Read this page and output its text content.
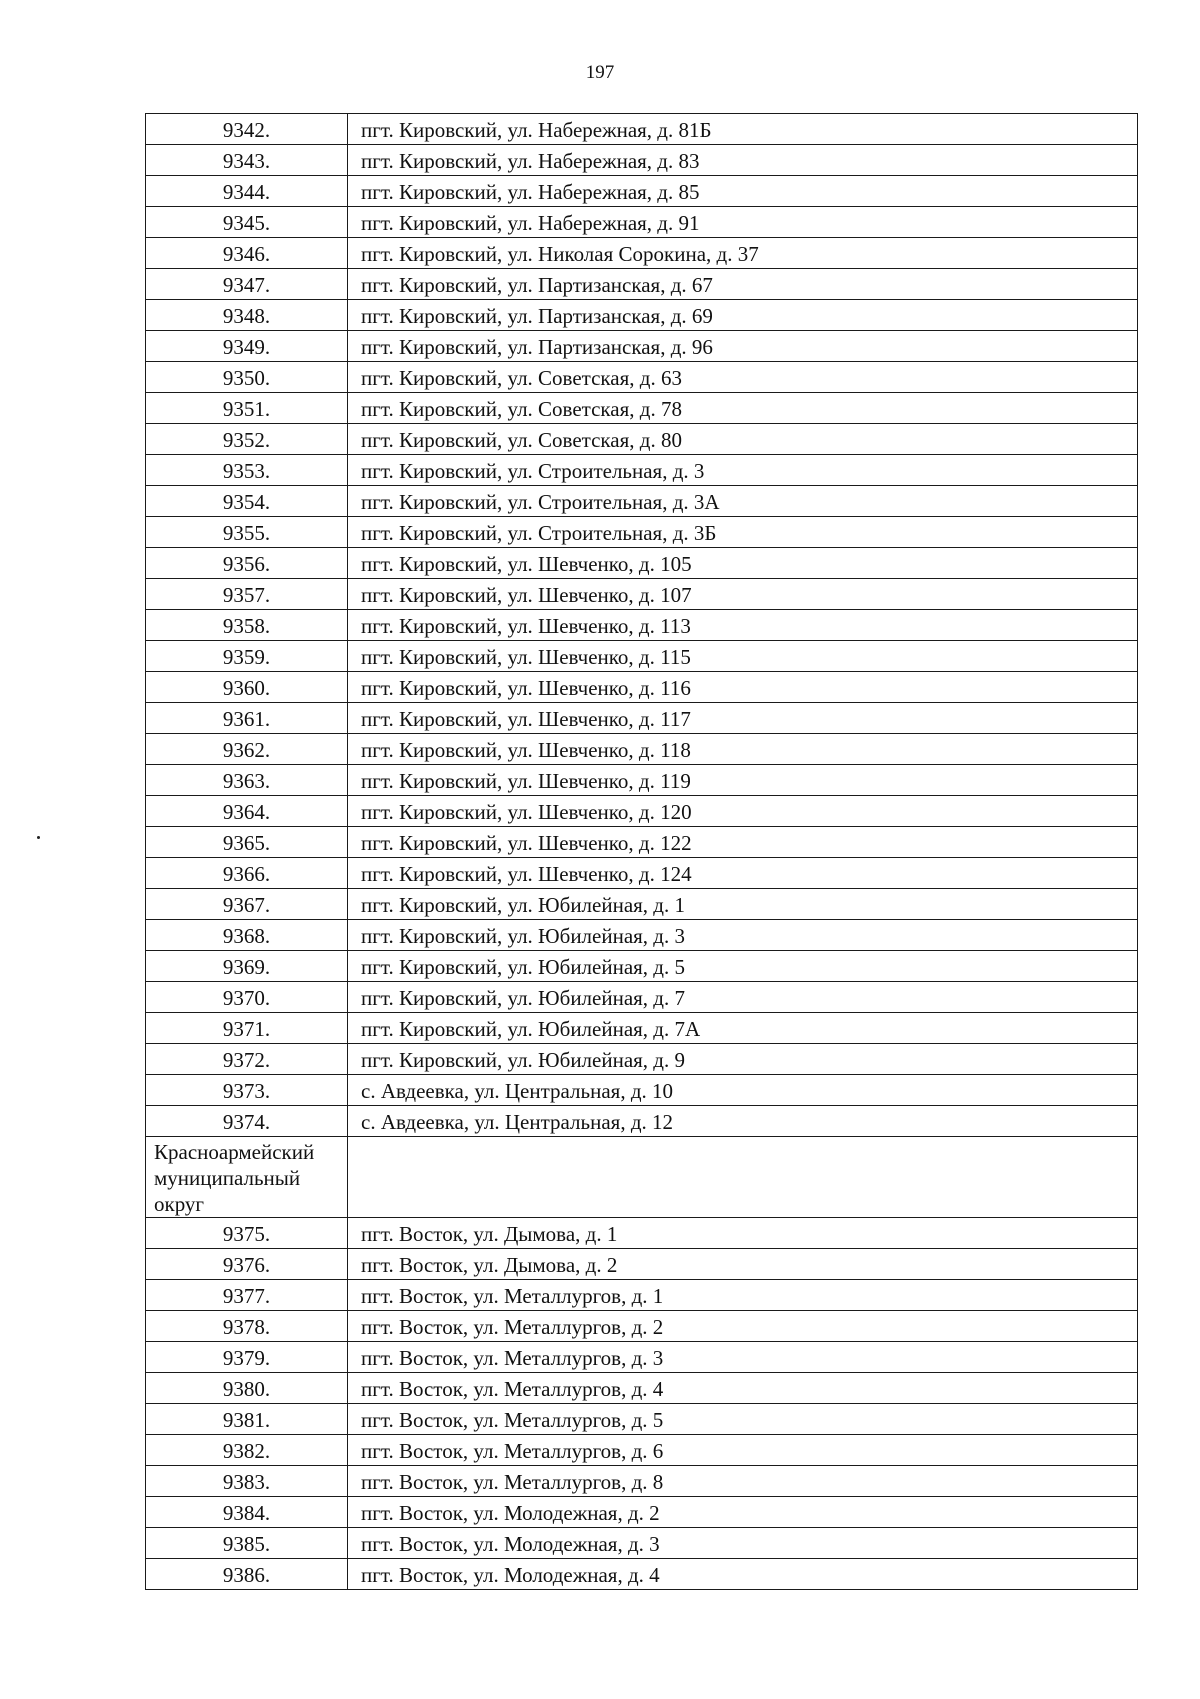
197
9342.	пгт. Кировский, ул. Набережная, д. 81Б
9343.	пгт. Кировский, ул. Набережная, д. 83
9344.	пгт. Кировский, ул. Набережная, д. 85
9345.	пгт. Кировский, ул. Набережная, д. 91
9346.	пгт. Кировский, ул. Николая Сорокина, д. 37
9347.	пгт. Кировский, ул. Партизанская, д. 67
9348.	пгт. Кировский, ул. Партизанская, д. 69
9349.	пгт. Кировский, ул. Партизанская, д. 96
9350.	пгт. Кировский, ул. Советская, д. 63
9351.	пгт. Кировский, ул. Советская, д. 78
9352.	пгт. Кировский, ул. Советская, д. 80
9353.	пгт. Кировский, ул. Строительная, д. 3
9354.	пгт. Кировский, ул. Строительная, д. 3А
9355.	пгт. Кировский, ул. Строительная, д. 3Б
9356.	пгт. Кировский, ул. Шевченко, д. 105
9357.	пгт. Кировский, ул. Шевченко, д. 107
9358.	пгт. Кировский, ул. Шевченко, д. 113
9359.	пгт. Кировский, ул. Шевченко, д. 115
9360.	пгт. Кировский, ул. Шевченко, д. 116
9361.	пгт. Кировский, ул. Шевченко, д. 117
9362.	пгт. Кировский, ул. Шевченко, д. 118
9363.	пгт. Кировский, ул. Шевченко, д. 119
9364.	пгт. Кировский, ул. Шевченко, д. 120
9365.	пгт. Кировский, ул. Шевченко, д. 122
9366.	пгт. Кировский, ул. Шевченко, д. 124
9367.	пгт. Кировский, ул. Юбилейная, д. 1
9368.	пгт. Кировский, ул. Юбилейная, д. 3
9369.	пгт. Кировский, ул. Юбилейная, д. 5
9370.	пгт. Кировский, ул. Юбилейная, д. 7
9371.	пгт. Кировский, ул. Юбилейная, д. 7А
9372.	пгт. Кировский, ул. Юбилейная, д. 9
9373.	с. Авдеевка, ул. Центральная, д. 10
9374.	с. Авдеевка, ул. Центральная, д. 12
Красноармейский муниципальный округ	
9375.	пгт. Восток, ул. Дымова, д. 1
9376.	пгт. Восток, ул. Дымова, д. 2
9377.	пгт. Восток, ул. Металлургов, д. 1
9378.	пгт. Восток, ул. Металлургов, д. 2
9379.	пгт. Восток, ул. Металлургов, д. 3
9380.	пгт. Восток, ул. Металлургов, д. 4
9381.	пгт. Восток, ул. Металлургов, д. 5
9382.	пгт. Восток, ул. Металлургов, д. 6
9383.	пгт. Восток, ул. Металлургов, д. 8
9384.	пгт. Восток, ул. Молодежная, д. 2
9385.	пгт. Восток, ул. Молодежная, д. 3
9386.	пгт. Восток, ул. Молодежная, д. 4
